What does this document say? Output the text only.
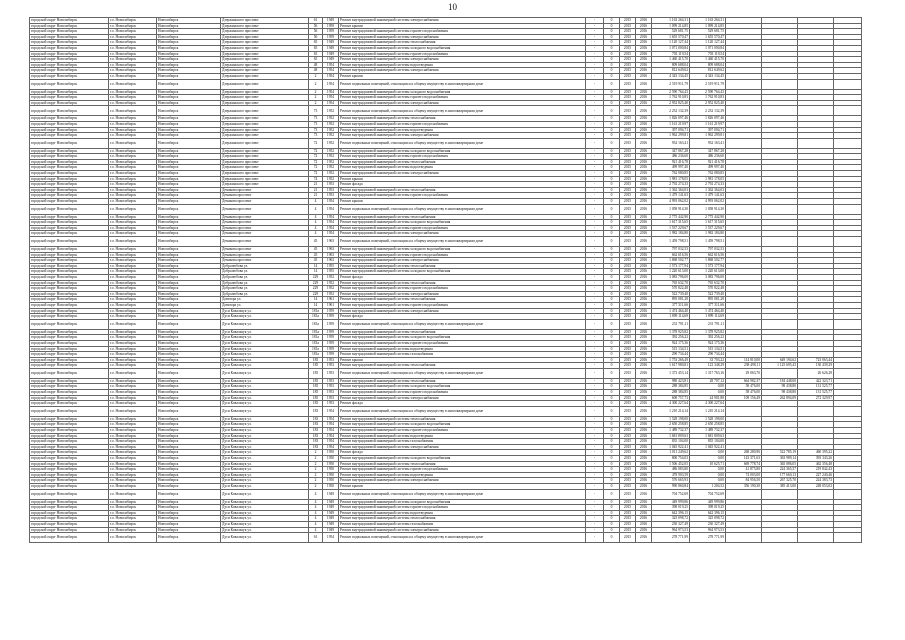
10
городской округ Новосибирск	г.о. Новосибирск	Новосибирск	Дзержинского проспект	61	1949	Ремонт внутридомовой инженерной системы электроснабжения	-	0	2015	2016	1 163 264,31	1 163 264,31				
городской округ Новосибирск	г.о. Новосибирск	Новосибирск	Дзержинского проспект	56	1959	Ремонт крыши	-	0	2015	2016	1 099 214,85	1 099 214,85				
городской округ Новосибирск	г.о. Новосибирск	Новосибирск	Дзержинского проспект	56	1959	Ремонт внутридомовой инженерной системы горячего водоснабжения	-	0	2015	2016	529 681,75	529 681,75				
городской округ Новосибирск	г.о. Новосибирск	Новосибирск	Дзержинского проспект	56	1959	Ремонт внутридомовой инженерной системы электроснабжения	-	0	2015	2016	1 655 570,47	1 655 570,47				
городской округ Новосибирск	г.о. Новосибирск	Новосибирск	Дзержинского проспект	65	1949	Ремонт внутридомовой инженерной системы теплоснабжения	-	0	2015	2016	1 120 127,44	1 120 127,44				
городской округ Новосибирск	г.о. Новосибирск	Новосибирск	Дзержинского проспект	65	1949	Ремонт внутридомовой инженерной системы холодного водоснабжения	-	0	2015	2016	1 071 000,84	1 071 000,84				
городской округ Новосибирск	г.о. Новосибирск	Новосибирск	Дзержинского проспект	65	1949	Ремонт внутридомовой инженерной системы горячего водоснабжения	-	0	2015	2016	703 119,54	703 119,54				
городской округ Новосибирск	г.о. Новосибирск	Новосибирск	Дзержинского проспект	65	1949	Ремонт внутридомовой инженерной системы электроснабжения	-	0	2015	2016	1 460 415,70	1 460 415,70				
городской округ Новосибирск	г.о. Новосибирск	Новосибирск	Дзержинского проспект	48	1954	Ремонт внутридомовой инженерной системы водоотведения	-	0	2015	2016	809 688,04	809 688,04				
городской округ Новосибирск	г.о. Новосибирск	Новосибирск	Дзержинского проспект	48	1954	Ремонт внутридомовой инженерной системы электроснабжения	-	0	2015	2016	812 649,62	812 649,62				
городской округ Новосибирск	г.о. Новосибирск	Новосибирск	Дзержинского проспект	2	1954	Ремонт крыши	-	0	2015	2016	4 343 134,45	4 343 134,45				
городской округ Новосибирск	г.о. Новосибирск	Новосибирск	Дзержинского проспект	2	1954	Ремонт подвальных помещений, относящихся к общему имуществу в многоквартирном доме	-	0	2015	2016	2 519 911,79	2 519 911,79				
городской округ Новосибирск	г.о. Новосибирск	Новосибирск	Дзержинского проспект	2	1954	Ремонт внутридомовой инженерной системы холодного водоснабжения	-	0	2015	2016	2 590 764,43	2 590 764,43				
городской округ Новосибирск	г.о. Новосибирск	Новосибирск	Дзержинского проспект	2	1954	Ремонт внутридомовой инженерной системы горячего водоснабжения	-	0	2015	2016	1 762 910,83	1 762 910,83				
городской округ Новосибирск	г.о. Новосибирск	Новосибирск	Дзержинского проспект	2	1954	Ремонт внутридомовой инженерной системы электроснабжения	-	0	2015	2016	2 952 825,40	2 952 825,40				
городской округ Новосибирск	г.о. Новосибирск	Новосибирск	Дзержинского проспект	73	1952	Ремонт подвальных помещений, относящихся к общему имуществу в многоквартирном доме	-	0	2015	2016	2 252 132,39	2 252 132,39				
городской округ Новосибирск	г.о. Новосибирск	Новосибирск	Дзержинского проспект	73	1952	Ремонт внутридомовой инженерной системы теплоснабжения	-	0	2015	2016	1 826 097,46	1 826 097,46				
городской округ Новосибирск	г.о. Новосибирск	Новосибирск	Дзержинского проспект	73	1952	Ремонт внутридомовой инженерной системы горячего водоснабжения	-	0	2015	2016	1 161 219,97	1 161 219,97				
городской округ Новосибирск	г.о. Новосибирск	Новосибирск	Дзержинского проспект	73	1952	Ремонт внутридомовой инженерной системы водоотведения	-	0	2015	2016	397 094,71	397 094,71				
городской округ Новосибирск	г.о. Новосибирск	Новосибирск	Дзержинского проспект	73	1952	Ремонт внутридомовой инженерной системы электроснабжения	-	0	2015	2016	1 962 299,81	1 962 299,81				
городской округ Новосибирск	г.о. Новосибирск	Новосибирск	Дзержинского проспект	72	1952	Ремонт подвальных помещений, относящихся к общему имуществу в многоквартирном доме	-	0	2015	2016	932 163,41	932 163,41				
городской округ Новосибирск	г.о. Новосибирск	Новосибирск	Дзержинского проспект	72	1952	Ремонт внутридомовой инженерной системы холодного водоснабжения	-	0	2015	2016	347 867,28	347 867,28				
городской округ Новосибирск	г.о. Новосибирск	Новосибирск	Дзержинского проспект	72	1952	Ремонт внутридомовой инженерной системы горячего водоснабжения	-	0	2015	2016	486 236,60	486 236,60				
городской округ Новосибирск	г.о. Новосибирск	Новосибирск	Дзержинского проспект	72	1952	Ремонт внутридомовой инженерной системы теплоснабжения	-	0	2015	2016	921 416,78	921 416,78				
городской округ Новосибирск	г.о. Новосибирск	Новосибирск	Дзержинского проспект	72	1952	Ремонт внутридомовой инженерной системы водоотведения	-	0	2015	2016	499 997,40	499 997,40				
городской округ Новосибирск	г.о. Новосибирск	Новосибирск	Дзержинского проспект	72	1952	Ремонт внутридомовой инженерной системы электроснабжения	-	0	2015	2016	762 080,85	762 080,85				
городской округ Новосибирск	г.о. Новосибирск	Новосибирск	Дзержинского проспект	74	1952	Ремонт крыши	-	0	2015	2016	1 981 178,05	1 981 178,05				
городской округ Новосибирск	г.о. Новосибирск	Новосибирск	Дзержинского проспект	21	1953	Ремонт фасада	-	0	2015	2016	2 792 274,33	2 792 274,33				
городской округ Новосибирск	г.о. Новосибирск	Новосибирск	Демакова проспект	21	1953	Ремонт внутридомовой инженерной системы теплоснабжения	-	0	2015	2016	1 362 364,03	1 362 364,03				
городской округ Новосибирск	г.о. Новосибирск	Новосибирск	Демакова проспект	21	1953	Ремонт внутридомовой инженерной системы горячего водоснабжения	-	0	2015	2016	1 479 141,63	1 479 141,63				
городской округ Новосибирск	г.о. Новосибирск	Новосибирск	Демакова проспект	4	1954	Ремонт крыши	-	0	2015	2016	4 993 062,02	4 993 062,02				
городской округ Новосибирск	г.о. Новосибирск	Новосибирск	Демакова проспект	4	1954	Ремонт подвальных помещений, относящихся к общему имуществу в многоквартирном доме	-	0	2015	2016	1 058 914,30	1 058 914,30				
городской округ Новосибирск	г.о. Новосибирск	Новосибирск	Демакова проспект	4	1954	Ремонт внутридомовой инженерной системы теплоснабжения	-	0	2015	2016	2 775 442,90	2 775 442,90				
городской округ Новосибирск	г.о. Новосибирск	Новосибирск	Демакова проспект	4	1954	Ремонт внутридомовой инженерной системы холодного водоснабжения	-	0	2015	2016	1 617 315,65	1 617 315,65				
городской округ Новосибирск	г.о. Новосибирск	Новосибирск	Демакова проспект	4	1954	Ремонт внутридомовой инженерной системы горячего водоснабжения	-	0	2015	2016	1 537 229,67	1 537 229,67				
городской округ Новосибирск	г.о. Новосибирск	Новосибирск	Демакова проспект	4	1954	Ремонт внутридомовой инженерной системы электроснабжения	-	0	2015	2016	1 982 184,80	1 982 184,80				
городской округ Новосибирск	г.о. Новосибирск	Новосибирск	Демакова проспект	45	1963	Ремонт подвальных помещений, относящихся к общему имуществу в многоквартирном доме	-	0	2015	2016	1 459 798,51	1 459 798,51				
городской округ Новосибирск	г.о. Новосибирск	Новосибирск	Демакова проспект	45	1963	Ремонт внутридомовой инженерной системы холодного водоснабжения	-	0	2015	2016	797 032,53	797 032,53				
городской округ Новосибирск	г.о. Новосибирск	Новосибирск	Демакова проспект	45	1963	Ремонт внутридомовой инженерной системы горячего водоснабжения	-	0	2015	2016	662 616,56	662 616,56				
городской округ Новосибирск	г.о. Новосибирск	Новосибирск	Демакова проспект	45	1963	Ремонт внутридомовой инженерной системы электроснабжения	-	0	2015	2016	1 868 502,77	1 868 502,77				
городской округ Новосибирск	г.о. Новосибирск	Новосибирск	Добролюбова ул.	14	1955	Ремонт внутридомовой инженерной системы теплоснабжения	-	0	2015	2016	1 573 177,94	1 573 177,94				
городской округ Новосибирск	г.о. Новосибирск	Новосибирск	Добролюбова ул.	14	1955	Ремонт внутридомовой инженерной системы холодного водоснабжения	-	0	2015	2016	1 220 613,00	1 220 613,00				
городской округ Новосибирск	г.о. Новосибирск	Новосибирск	Добролюбова ул.	229	1952	Ремонт фасада	-	0	2015	2016	3 083 796,00	3 083 796,00				
городской округ Новосибирск	г.о. Новосибирск	Новосибирск	Добролюбова ул.	229	1952	Ремонт внутридомовой инженерной системы теплоснабжения	-	0	2015	2016	765 632,70	765 632,70				
городской округ Новосибирск	г.о. Новосибирск	Новосибирск	Добролюбова ул.	229	1952	Ремонт внутридомовой инженерной системы горячего водоснабжения	-	0	2015	2016	570 822,48	570 822,48				
городской округ Новосибирск	г.о. Новосибирск	Новосибирск	Добролюбова ул.	229	1952	Ремонт внутридомовой инженерной системы электроснабжения	-	0	2015	2016	522 739,40	522 739,40				
городской округ Новосибирск	г.о. Новосибирск	Новосибирск	Доватора ул.	14	1961	Ремонт внутридомовой инженерной системы теплоснабжения	-	0	2015	2016	895 081,28	895 081,28				
городской округ Новосибирск	г.о. Новосибирск	Новосибирск	Доватора ул.	14	1961	Ремонт внутридомовой инженерной системы горячего водоснабжения	-	0	2015	2016	377 311,66	377 311,66				
городской округ Новосибирск	г.о. Новосибирск	Новосибирск	Дуси Ковальчук ул.	181а	1959	Ремонт внутридомовой инженерной системы электроснабжения	-	0	2015	2016	1 474 464,40	1 474 464,40				
городской округ Новосибирск	г.о. Новосибирск	Новосибирск	Дуси Ковальчук ул.	181а	1959	Ремонт фасада	-	0	2015	2016	1 899 114,69	1 899 114,69				
городской округ Новосибирск	г.о. Новосибирск	Новосибирск	Дуси Ковальчук ул.	181а	1959	Ремонт подвальных помещений, относящихся к общему имуществу в многоквартирном доме	-	0	2015	2016	231 791,11	231 791,11				
городской округ Новосибирск	г.о. Новосибирск	Новосибирск	Дуси Ковальчук ул.	181а	1959	Ремонт внутридомовой инженерной системы теплоснабжения	-	0	2015	2016	1 378 925,82	1 378 925,82				
городской округ Новосибирск	г.о. Новосибирск	Новосибирск	Дуси Ковальчук ул.	181а	1959	Ремонт внутридомовой инженерной системы холодного водоснабжения	-	0	2015	2016	392 256,22	392 256,22				
городской округ Новосибирск	г.о. Новосибирск	Новосибирск	Дуси Ковальчук ул.	181а	1959	Ремонт внутридомовой инженерной системы горячего водоснабжения	-	0	2015	2016	924 175,36	924 175,36				
городской округ Новосибирск	г.о. Новосибирск	Новосибирск	Дуси Ковальчук ул.	181а	1959	Ремонт внутридомовой инженерной системы водоотведения	-	0	2015	2016	515 134,51	515 134,51				
городской округ Новосибирск	г.о. Новосибирск	Новосибирск	Дуси Ковальчук ул.	181а	1959	Ремонт внутридомовой инженерной системы газоснабжения	-	0	2015	2016	290 734,44	290 734,44				
городской округ Новосибирск	г.о. Новосибирск	Новосибирск	Дуси Ковальчук ул.	185	1953	Ремонт крыши	-	0	2015	2016	1 753 266,49	33 703,22	114 810,00	649 194,62	723 063,44	
городской округ Новосибирск	г.о. Новосибирск	Новосибирск	Дуси Ковальчук ул.	185	1953	Ремонт внутридомовой инженерной системы теплоснабжения	-	0	2015	2016	1 617 980,81	123 348,29	238 498,11	1 125 695,43	130 439,29	
городской округ Новосибирск	г.о. Новосибирск	Новосибирск	Дуси Ковальчук ул.	185	1953	Ремонт подвальных помещений, относящихся к общему имуществу в многоквартирном доме	-	0	2015	2016	1 373 453,14	1 317 763,16	29 063,70		26 626,28	
городской округ Новосибирск	г.о. Новосибирск	Новосибирск	Дуси Ковальчук ул.	185	1953	Ремонт внутридомовой инженерной системы теплоснабжения	-	0	2015	2016	980 423,81	28 707,12	664 982,37	184 448,00	422 323,71	
городской округ Новосибирск	г.о. Новосибирск	Новосибирск	Дуси Ковальчук ул.	185	1953	Ремонт внутридомовой инженерной системы холодного водоснабжения	-	0	2015	2016	288 384,85	0,00	58 476,00	98 438,80	131 525,77	
городской округ Новосибирск	г.о. Новосибирск	Новосибирск	Дуси Ковальчук ул.	185	1953	Ремонт внутридомовой инженерной системы горячего водоснабжения	-	0	2015	2016	288 384,85	0,00	58 476,00	98 438,80	131 525,77	
городской округ Новосибирск	г.о. Новосибирск	Новосибирск	Дуси Ковальчук ул.	185	1953	Ремонт внутридомовой инженерной системы электроснабжения	-	0	2015	2016	608 757,73	24 901,88	109 156,49	262 894,09	272 329,97	
городской округ Новосибирск	г.о. Новосибирск	Новосибирск	Дуси Ковальчук ул.	185	1953	Ремонт фасада	-	0	2015	2016	4 300 227,64	4 300 227,64				
городской округ Новосибирск	г.о. Новосибирск	Новосибирск	Дуси Ковальчук ул.	183	1954	Ремонт подвальных помещений, относящихся к общему имуществу в многоквартирном доме	-	0	2015	2016	1 210 214,14	1 210 214,14				
городской округ Новосибирск	г.о. Новосибирск	Новосибирск	Дуси Ковальчук ул.	183	1954	Ремонт внутридомовой инженерной системы теплоснабжения	-	0	2015	2016	1 528 198,00	1 528 198,00				
городской округ Новосибирск	г.о. Новосибирск	Новосибирск	Дуси Ковальчук ул.	183	1954	Ремонт внутридомовой инженерной системы холодного водоснабжения	-	0	2015	2016	2 650 258,85	2 650 258,85				
городской округ Новосибирск	г.о. Новосибирск	Новосибирск	Дуси Ковальчук ул.	183	1954	Ремонт внутридомовой инженерной системы горячего водоснабжения	-	0	2015	2016	1 489 732,37	1 489 732,37				
городской округ Новосибирск	г.о. Новосибирск	Новосибирск	Дуси Ковальчук ул.	183	1954	Ремонт внутридомовой инженерной системы водоотведения	-	0	2015	2016	1 681 809,63	1 681 809,63				
городской округ Новосибирск	г.о. Новосибирск	Новосибирск	Дуси Ковальчук ул.	183	1954	Ремонт внутридомовой инженерной системы газоснабжения	-	0	2015	2016	835 104,00	835 104,00				
городской округ Новосибирск	г.о. Новосибирск	Новосибирск	Дуси Ковальчук ул.	183	1954	Ремонт внутридомовой инженерной системы электроснабжения	-	0	2015	2016	1 045 922,41	1 045 922,41				
городской округ Новосибирск	г.о. Новосибирск	Новосибирск	Дуси Ковальчук ул.	2	1950	Ремонт фасада	-	0	2015	2016	1 011 249,62	0,00	268 280,96	522 785,19	460 395,22	
городской округ Новосибирск	г.о. Новосибирск	Новосибирск	Дуси Ковальчук ул.	2	1950	Ремонт внутридомовой инженерной системы холодного водоснабжения	-	0	2015	2016	800 754,03	0,00	143 371,63	363 989,14	393 343,26	
городской округ Новосибирск	г.о. Новосибирск	Новосибирск	Дуси Ковальчук ул.	2	1950	Ремонт внутридомовой инженерной системы теплоснабжения	-	0	2015	2016	1 506 452,05	10 625,71	669 778,74	365 086,05	462 356,48	
городской округ Новосибирск	г.о. Новосибирск	Новосибирск	Дуси Ковальчук ул.	2	1950	Ремонт внутридомовой инженерной системы горячего водоснабжения	-	0	2015	2016	486 083,80	0,00	41 875,80	224 365,57	219 842,43	
городской округ Новосибирск	г.о. Новосибирск	Новосибирск	Дуси Ковальчук ул.	2	1950	Ремонт внутридомовой инженерной системы водоотведения	-	0	2015	2016	478 903,59	0,00	74 003,00	177 660,13	227 240,46	
городской округ Новосибирск	г.о. Новосибирск	Новосибирск	Дуси Ковальчук ул.	2	1950	Ремонт внутридомовой инженерной системы электроснабжения	-	0	2015	2016	576 665,93	0,00	84 956,50	267 325,70	224 383,73	
городской округ Новосибирск	г.о. Новосибирск	Новосибирск	Дуси Ковальчук ул.	2	1950	Ремонт крыши	-	0	2015	2016	990 860,84	1 204,52	356 190,30	385 413,00	248 053,02	
городской округ Новосибирск	г.о. Новосибирск	Новосибирск	Дуси Ковальчук ул.	4	1949	Ремонт подвальных помещений, относящихся к общему имуществу в многоквартирном доме	-	0	2015	2016	704 752,69	704 752,69				
городской округ Новосибирск	г.о. Новосибирск	Новосибирск	Дуси Ковальчук ул.	4	1949	Ремонт внутридомовой инженерной системы холодного водоснабжения	-	0	2015	2016	449 999,86	449 999,86				
городской округ Новосибирск	г.о. Новосибирск	Новосибирск	Дуси Ковальчук ул.	4	1949	Ремонт внутридомовой инженерной системы горячего водоснабжения	-	0	2015	2016	398 019,25	398 019,25				
городской округ Новосибирск	г.о. Новосибирск	Новосибирск	Дуси Ковальчук ул.	4	1949	Ремонт внутридомовой инженерной системы водоотведения	-	0	2015	2016	642 396,15	642 396,15				
городской округ Новосибирск	г.о. Новосибирск	Новосибирск	Дуси Ковальчук ул.	4	1949	Ремонт внутридомовой инженерной системы теплоснабжения	-	0	2015	2016	325 098,72	325 098,72				
городской округ Новосибирск	г.о. Новосибирск	Новосибирск	Дуси Ковальчук ул.	4	1949	Ремонт внутридомовой инженерной системы газоснабжения	-	0	2015	2016	230 327,49	230 327,49				
городской округ Новосибирск	г.о. Новосибирск	Новосибирск	Дуси Ковальчук ул.	4	1949	Ремонт внутридомовой инженерной системы электроснабжения	-	0	2015	2016	964 973,53	964 973,53				
городской округ Новосибирск	г.о. Новосибирск	Новосибирск	Дуси Ковальчук ул.	61	1954	Ремонт подвальных помещений, относящихся к общему имуществу в многоквартирном доме	-	0	2015	2016	278 771,99	278 771,99				
